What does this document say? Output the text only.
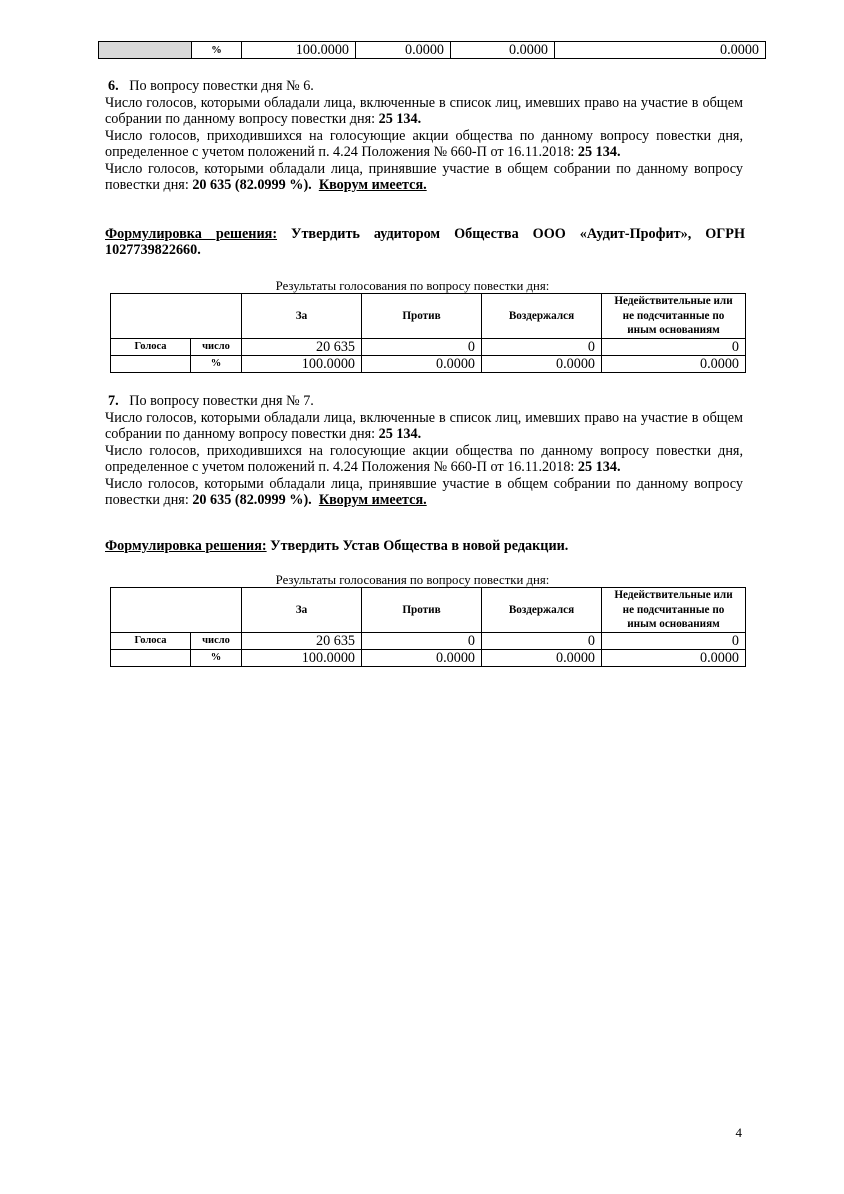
	%	100.0000	0.0000	0.0000	0.0000
6. По вопросу повестки дня № 6.

Число голосов, которыми обладали лица, включенные в список лиц, имевших право на участие в общем собрании по данному вопросу повестки дня: 25 134.

Число голосов, приходившихся на голосующие акции общества по данному вопросу повестки дня, определенное с учетом положений п. 4.24 Положения № 660-П от 16.11.2018: 25 134.

Число голосов, которыми обладали лица, принявшие участие в общем собрании по данному вопросу повестки дня: 20 635 (82.0999 %). Кворум имеется.

Формулировка решения: Утвердить аудитором Общества ООО «Аудит-Профит», ОГРН 1027739822660.
Результаты голосования по вопросу повестки дня:
		За	Против	Воздержался	Недействительные или не подсчитанные по иным основаниям
Голоса	число	20 635	0	0	0
	%	100.0000	0.0000	0.0000	0.0000
7. По вопросу повестки дня № 7.

Число голосов, которыми обладали лица, включенные в список лиц, имевших право на участие в общем собрании по данному вопросу повестки дня: 25 134.

Число голосов, приходившихся на голосующие акции общества по данному вопросу повестки дня, определенное с учетом положений п. 4.24 Положения № 660-П от 16.11.2018: 25 134.

Число голосов, которыми обладали лица, принявшие участие в общем собрании по данному вопросу повестки дня: 20 635 (82.0999 %). Кворум имеется.

Формулировка решения: Утвердить Устав Общества в новой редакции.
Результаты голосования по вопросу повестки дня:
		За	Против	Воздержался	Недействительные или не подсчитанные по иным основаниям
Голоса	число	20 635	0	0	0
	%	100.0000	0.0000	0.0000	0.0000
4
